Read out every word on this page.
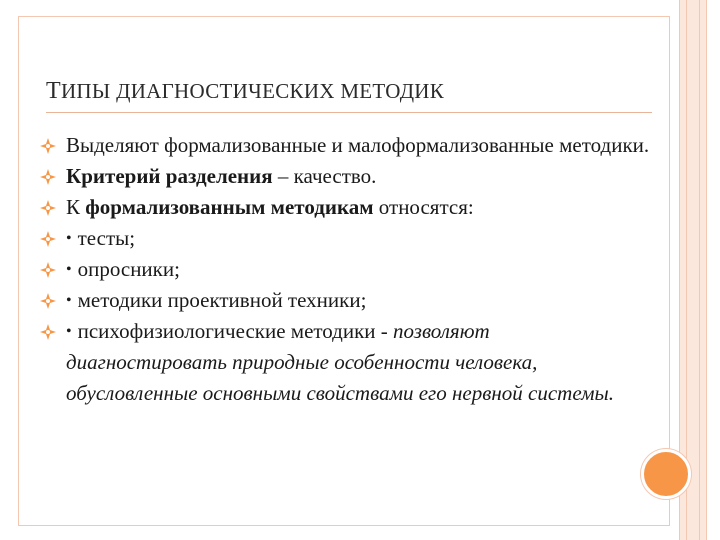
ТИПЫ ДИАГНОСТИЧЕСКИХ МЕТОДИК
Выделяют формализованные и малоформализованные методики.
Критерий разделения – качество.
К формализованным методикам относятся:
• тесты;
• опросники;
• методики проективной техники;
• психофизиологические методики - позволяют диагностировать природные особенности человека, обусловленные основными свойствами его нервной системы.
